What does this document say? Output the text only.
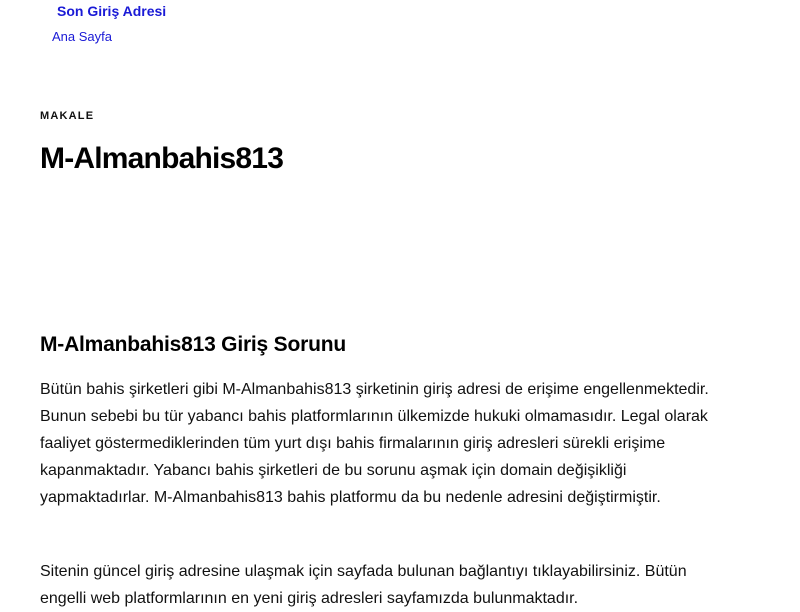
Son Giriş Adresi
Ana Sayfa
MAKALE
M-Almanbahis813
M-Almanbahis813 Giriş Sorunu

Bütün bahis şirketleri gibi M-Almanbahis813 şirketinin giriş adresi de erişime engellenmektedir. Bunun sebebi bu tür yabancı bahis platformlarının ülkemizde hukuki olmamasıdır. Legal olarak faaliyet göstermediklerinden tüm yurt dışı bahis firmalarının giriş adresleri sürekli erişime kapanmaktadır. Yabancı bahis şirketleri de bu sorunu aşmak için domain değişikliği yapmaktadırlar. M-Almanbahis813 bahis platformu da bu nedenle adresini değiştirmiştir.

Sitenin güncel giriş adresine ulaşmak için sayfada bulunan bağlantıyı tıklayabilirsiniz. Bütün engelli web platformlarının en yeni giriş adresleri sayfamızda bulunmaktadır.
